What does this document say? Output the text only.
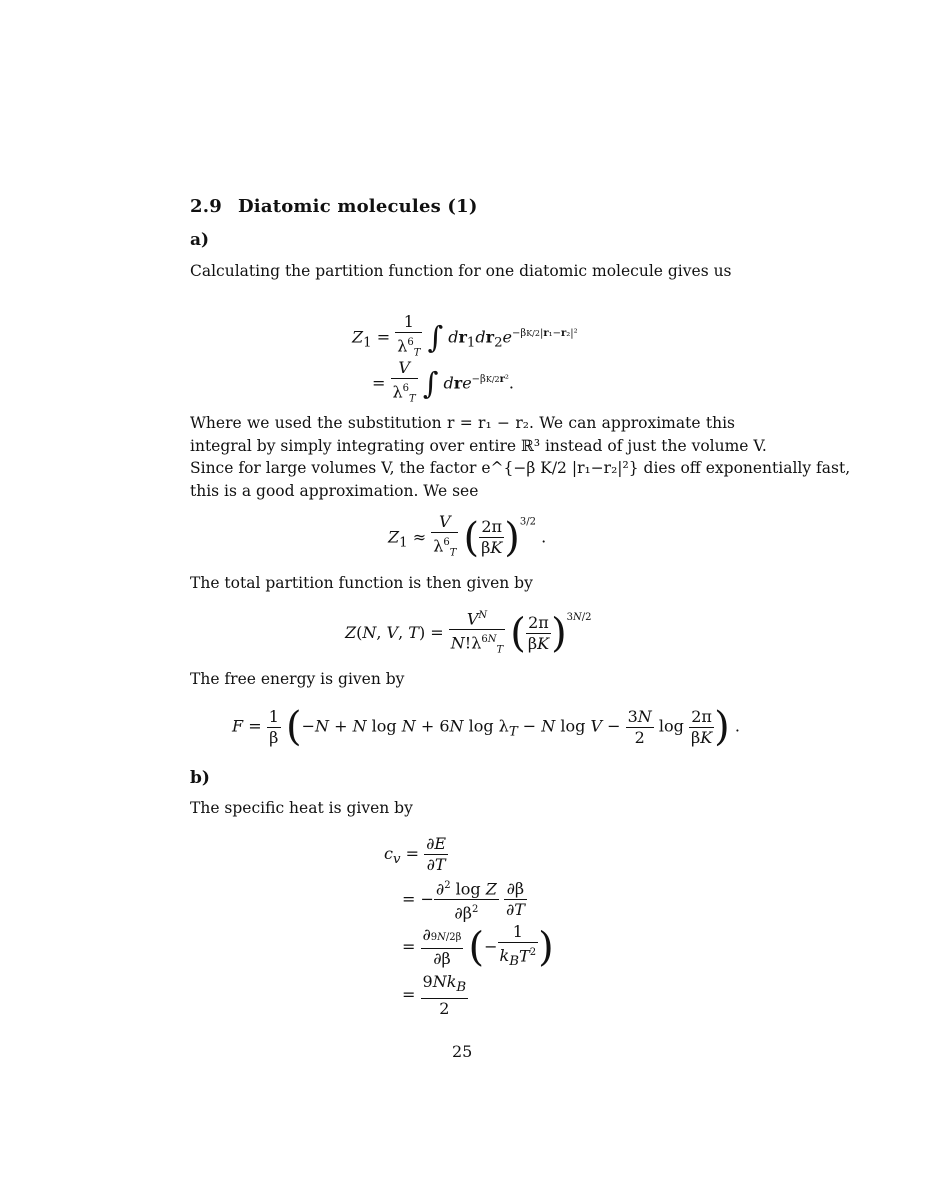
2.9 Diatomic molecules (1)
a)
Calculating the partition function for one diatomic molecule gives us
$Z_1 = \frac{1}{\lambda^6_T}$ ∫ $dr_1dr_2e^{-\beta K/2|r_1-r_2|^2}$
= $\frac{V}{\lambda^6_T}$ ∫ dre$^{-\beta K/2r^2}$.
Where we used the substitution r = r₁ − r₂. We can approximate this
integral by simply integrating over entire ℝ³ instead of just the volume V.
Since for large volumes V, the factor e^{−β K/2 |r₁−r₂|²} dies off exponentially fast,
this is a good approximation. We see
$Z_1 \approx \frac{V}{\lambda^6_T}$ ( $\frac{2\pi}{\beta K} )^{3/2}$ .
The total partition function is then given by
Z(N, V, $T) = \frac{V^N}{N!\lambda^{6N}_T}$ ( $\frac{2\pi}{\beta K} )^{3N/2}$
The free energy is given by
$F = \frac{1}{\beta} (-N + N$ log N + 6N $\log \lambda_T - N$ $\log V - \frac{3N}{2}$ $\log \frac{2\pi}{\beta K}$ ) .
b)
The specific heat is given by
$c_v = \frac{\partial E}{\partial T}$
= − $\frac{\partial^2 \log Z}{\partial\beta^2}$
$\frac{\partial\beta}{\partial T}$
= $\frac{\partial 9N/2\beta}{\partial\beta}$ (− $\frac{1}{k_BT^2}$ )
= $\frac{9Nk_B}{2}$
25
